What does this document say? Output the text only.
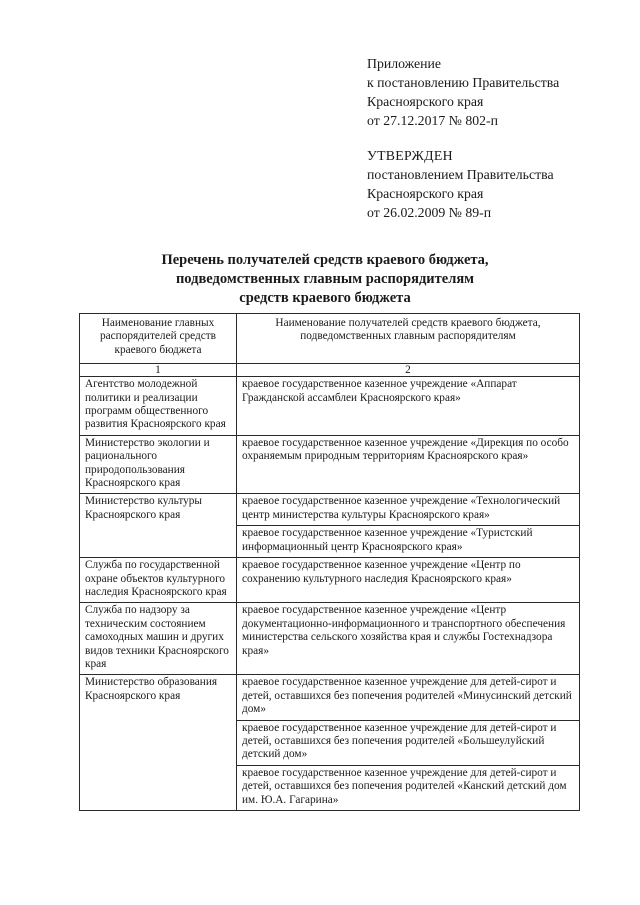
Приложение
к постановлению Правительства
Красноярского края
от 27.12.2017 № 802-п
УТВЕРЖДЕН
постановлением Правительства
Красноярского края
от 26.02.2009 № 89-п
Перечень получателей средств краевого бюджета,
подведомственных главным распорядителям
средств краевого бюджета
Наименование главных распорядителей средств краевого бюджета	Наименование получателей средств краевого бюджета, подведомственных главным распорядителям
1	2
Агентство молодежной политики и реализации программ общественного развития Красноярского края	краевое государственное казенное учреждение «Аппарат Гражданской ассамблеи Красноярского края»
Министерство экологии и рационального природопользования Красноярского края	краевое государственное казенное учреждение «Дирекция по особо охраняемым природным территориям Красноярского края»
Министерство культуры Красноярского края	краевое государственное казенное учреждение «Технологический центр министерства культуры Красноярского края»
	краевое государственное казенное учреждение «Туристский информационный центр Красноярского края»
Служба по государственной охране объектов культурного наследия Красноярского края	краевое государственное казенное учреждение «Центр по сохранению культурного наследия Красноярского края»
Служба по надзору за техническим состоянием самоходных машин и других видов техники Красноярского края	краевое государственное казенное учреждение «Центр документационно-информационного и транспортного обеспечения министерства сельского хозяйства края и службы Гостехнадзора края»
Министерство образования Красноярского края	краевое государственное казенное учреждение для детей-сирот и детей, оставшихся без попечения родителей «Минусинский детский дом»
	краевое государственное казенное учреждение для детей-сирот и детей, оставшихся без попечения родителей «Большеулуйский детский дом»
	краевое государственное казенное учреждение для детей-сирот и детей, оставшихся без попечения родителей «Канский детский дом им. Ю.А. Гагарина»
